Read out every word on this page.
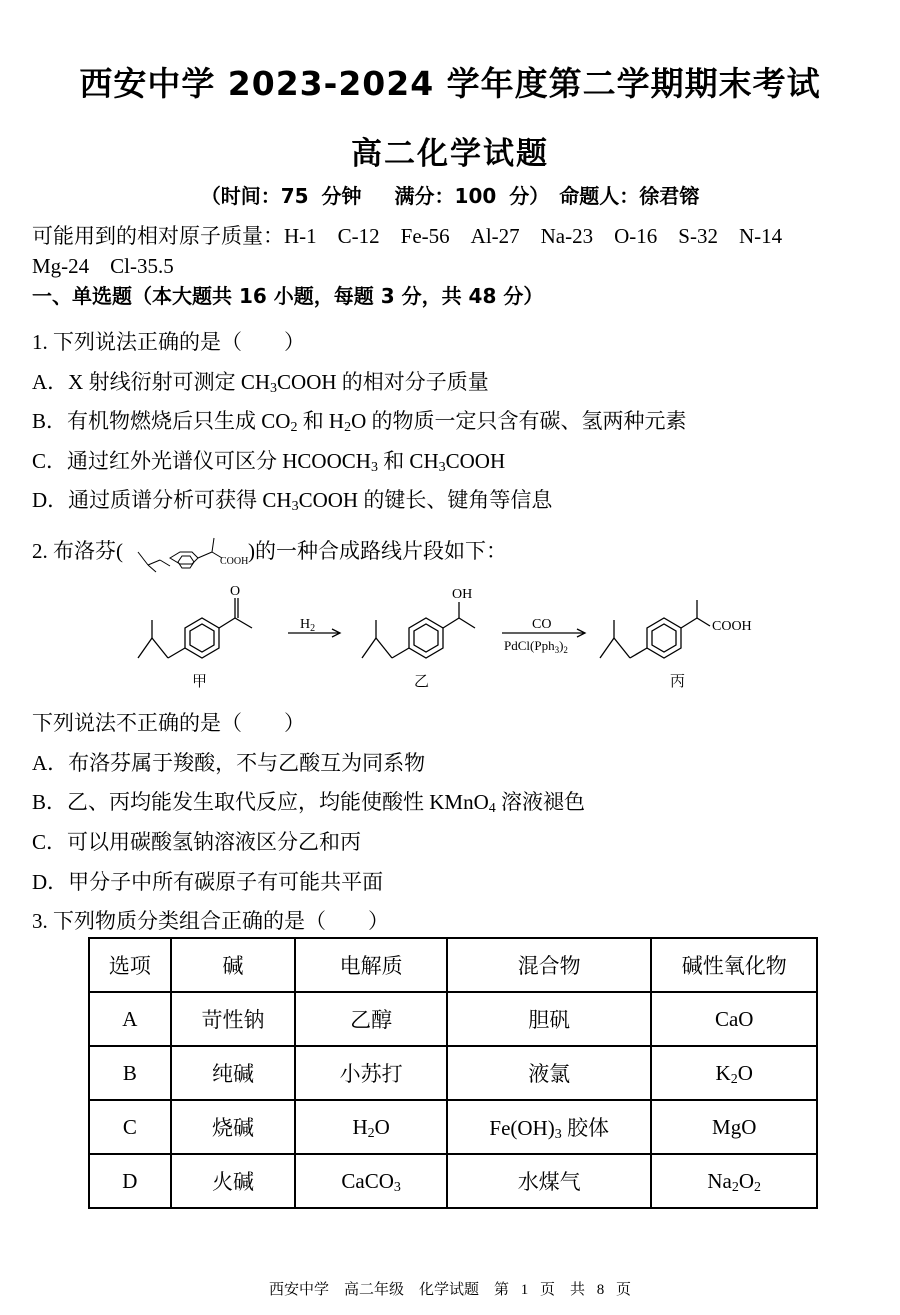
西安中学 2023-2024 学年度第二学期期末考试
高二化学试题
（时间：75 分钟　 满分：100 分）　命题人：徐君镕
可能用到的相对原子质量：H-1　C-12　Fe-56　Al-27　Na-23　O-16　S-32　N-14
Mg-24　Cl-35.5
一、单选题（本大题共 16 小题，每题 3 分，共 48 分）
1. 下列说法正确的是（　　）
A．X 射线衍射可测定 $CH_3COOH$ 的相对分子质量
B．有机物燃烧后只生成 $CO_2$ 和 $H_2O$ 的物质一定只含有碳、氢两种元素
C．通过红外光谱仪可区分 $HCOOCH_3$ 和 $CH_3COOH$
D．通过质谱分析可获得 $CH_3COOH$ 的键长、键角等信息
2. 布洛芬(	)的一种合成路线片段如下：
COOH
O	OH
COOH
$H_2$	CO
$PdCl(Pph_3)_2$
甲	乙	丙
下列说法不正确的是（　　）
A．布洛芬属于羧酸，不与乙酸互为同系物
B．乙、丙均能发生取代反应，均能使酸性 KMnO$_4$ 溶液褪色
C．可以用碳酸氢钠溶液区分乙和丙
D．甲分子中所有碳原子有可能共平面
3. 下列物质分类组合正确的是（　　）
选项	碱	电解质	混合物	碱性氧化物
A	苛性钠	乙醇	胆矾	CaO
B	纯碱	小苏打	液氯	$K_2O$
C	烧碱	$H_2O$	$Fe(OH)_3$ 胶体	MgO
D	火碱	CaCO$_3$	水煤气	$Na_2O_2$
西安中学　高二年级　化学试题　第 1 页　共 8 页
